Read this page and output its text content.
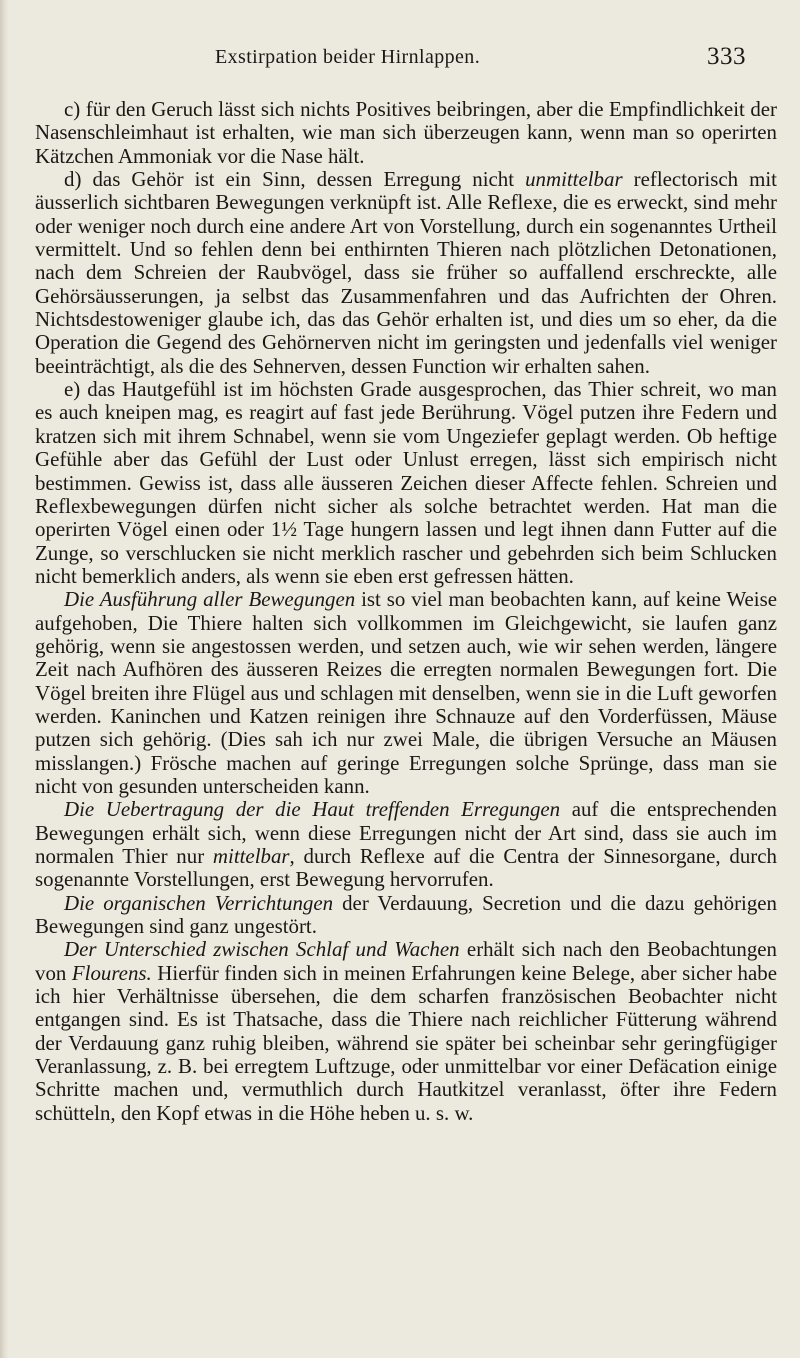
Exstirpation beider Hirnlappen.	333

c) für den Geruch lässt sich nichts Positives beibringen, aber die Empfindlichkeit der Nasenschleimhaut ist erhalten, wie man sich überzeugen kann, wenn man so operirten Kätzchen Ammoniak vor die Nase hält.

d) das Gehör ist ein Sinn, dessen Erregung nicht unmittelbar reflectorisch mit äusserlich sichtbaren Bewegungen verknüpft ist. Alle Reflexe, die es erweckt, sind mehr oder weniger noch durch eine andere Art von Vorstellung, durch ein sogenanntes Urtheil vermittelt. Und so fehlen denn bei enthirnten Thieren nach plötzlichen Detonationen, nach dem Schreien der Raubvögel, dass sie früher so auffallend erschreckte, alle Gehörsäusserungen, ja selbst das Zusammenfahren und das Aufrichten der Ohren. Nichtsdestoweniger glaube ich, das das Gehör erhalten ist, und dies um so eher, da die Operation die Gegend des Gehörnerven nicht im geringsten und jedenfalls viel weniger beeinträchtigt, als die des Sehnerven, dessen Function wir erhalten sahen.

e) das Hautgefühl ist im höchsten Grade ausgesprochen, das Thier schreit, wo man es auch kneipen mag, es reagirt auf fast jede Berührung. Vögel putzen ihre Federn und kratzen sich mit ihrem Schnabel, wenn sie vom Ungeziefer geplagt werden. Ob heftige Gefühle aber das Gefühl der Lust oder Unlust erregen, lässt sich empirisch nicht bestimmen. Gewiss ist, dass alle äusseren Zeichen dieser Affecte fehlen. Schreien und Reflexbewegungen dürfen nicht sicher als solche betrachtet werden. Hat man die operirten Vögel einen oder 1½ Tage hungern lassen und legt ihnen dann Futter auf die Zunge, so verschlucken sie nicht merklich rascher und gebehrden sich beim Schlucken nicht bemerklich anders, als wenn sie eben erst gefressen hätten.

Die Ausführung aller Bewegungen ist so viel man beobachten kann, auf keine Weise aufgehoben, Die Thiere halten sich vollkommen im Gleichgewicht, sie laufen ganz gehörig, wenn sie angestossen werden, und setzen auch, wie wir sehen werden, längere Zeit nach Aufhören des äusseren Reizes die erregten normalen Bewegungen fort. Die Vögel breiten ihre Flügel aus und schlagen mit denselben, wenn sie in die Luft geworfen werden. Kaninchen und Katzen reinigen ihre Schnauze auf den Vorderfüssen, Mäuse putzen sich gehörig. (Dies sah ich nur zwei Male, die übrigen Versuche an Mäusen misslangen.) Frösche machen auf geringe Erregungen solche Sprünge, dass man sie nicht von gesunden unterscheiden kann.

Die Uebertragung der die Haut treffenden Erregungen auf die entsprechenden Bewegungen erhält sich, wenn diese Erregungen nicht der Art sind, dass sie auch im normalen Thier nur mittelbar, durch Reflexe auf die Centra der Sinnesorgane, durch sogenannte Vorstellungen, erst Bewegung hervorrufen.

Die organischen Verrichtungen der Verdauung, Secretion und die dazu gehörigen Bewegungen sind ganz ungestört.

Der Unterschied zwischen Schlaf und Wachen erhält sich nach den Beobachtungen von Flourens. Hierfür finden sich in meinen Erfahrungen keine Belege, aber sicher habe ich hier Verhältnisse übersehen, die dem scharfen französischen Beobachter nicht entgangen sind. Es ist Thatsache, dass die Thiere nach reichlicher Fütterung während der Verdauung ganz ruhig bleiben, während sie später bei scheinbar sehr geringfügiger Veranlassung, z. B. bei erregtem Luftzuge, oder unmittelbar vor einer Defäcation einige Schritte machen und, vermuthlich durch Hautkitzel veranlasst, öfter ihre Federn schütteln, den Kopf etwas in die Höhe heben u. s. w.
